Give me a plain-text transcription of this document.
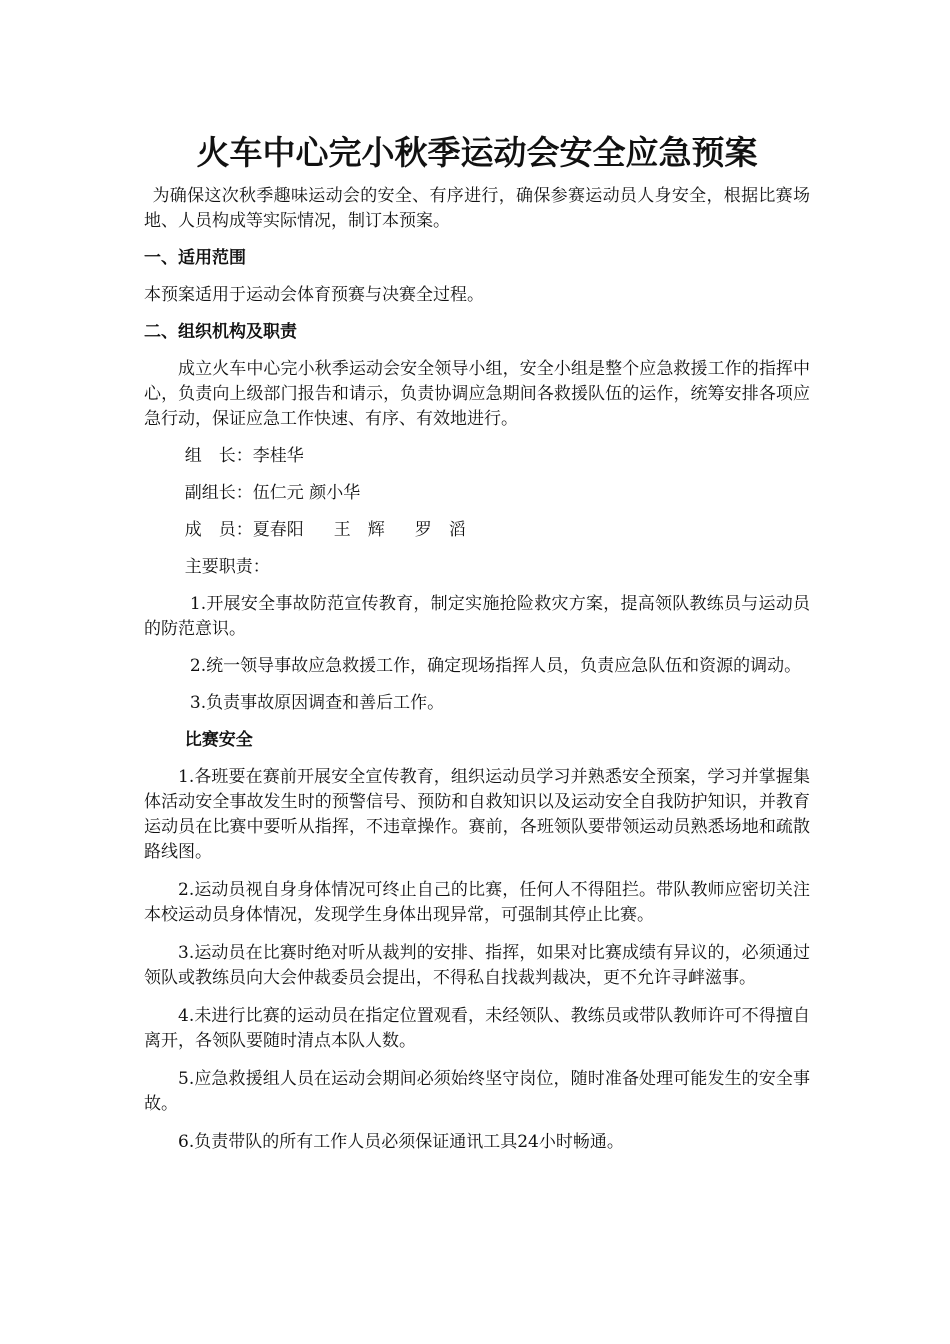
火车中心完小秋季运动会安全应急预案

为确保这次秋季趣味运动会的安全、有序进行，确保参赛运动员人身安全，根据比赛场地、人员构成等实际情况，制订本预案。

一、适用范围

本预案适用于运动会体育预赛与决赛全过程。

二、组织机构及职责

成立火车中心完小秋季运动会安全领导小组，安全小组是整个应急救援工作的指挥中心，负责向上级部门报告和请示，负责协调应急期间各救援队伍的运作，统筹安排各项应急行动，保证应急工作快速、有序、有效地进行。

组　长：李桂华

副组长：伍仁元 颜小华

成　员：夏春阳 王　辉 罗　滔

主要职责：

1.开展安全事故防范宣传教育，制定实施抢险救灾方案，提高领队教练员与运动员的防范意识。

2.统一领导事故应急救援工作，确定现场指挥人员，负责应急队伍和资源的调动。

3.负责事故原因调查和善后工作。

比赛安全

1.各班要在赛前开展安全宣传教育，组织运动员学习并熟悉安全预案，学习并掌握集体活动安全事故发生时的预警信号、预防和自救知识以及运动安全自我防护知识，并教育运动员在比赛中要听从指挥，不违章操作。赛前，各班领队要带领运动员熟悉场地和疏散路线图。

2.运动员视自身身体情况可终止自己的比赛，任何人不得阻拦。带队教师应密切关注本校运动员身体情况，发现学生身体出现异常，可强制其停止比赛。

3.运动员在比赛时绝对听从裁判的安排、指挥，如果对比赛成绩有异议的，必须通过领队或教练员向大会仲裁委员会提出，不得私自找裁判裁决，更不允许寻衅滋事。

4.未进行比赛的运动员在指定位置观看，未经领队、教练员或带队教师许可不得擅自离开，各领队要随时清点本队人数。

5.应急救援组人员在运动会期间必须始终坚守岗位，随时准备处理可能发生的安全事故。

6.负责带队的所有工作人员必须保证通讯工具24小时畅通。
